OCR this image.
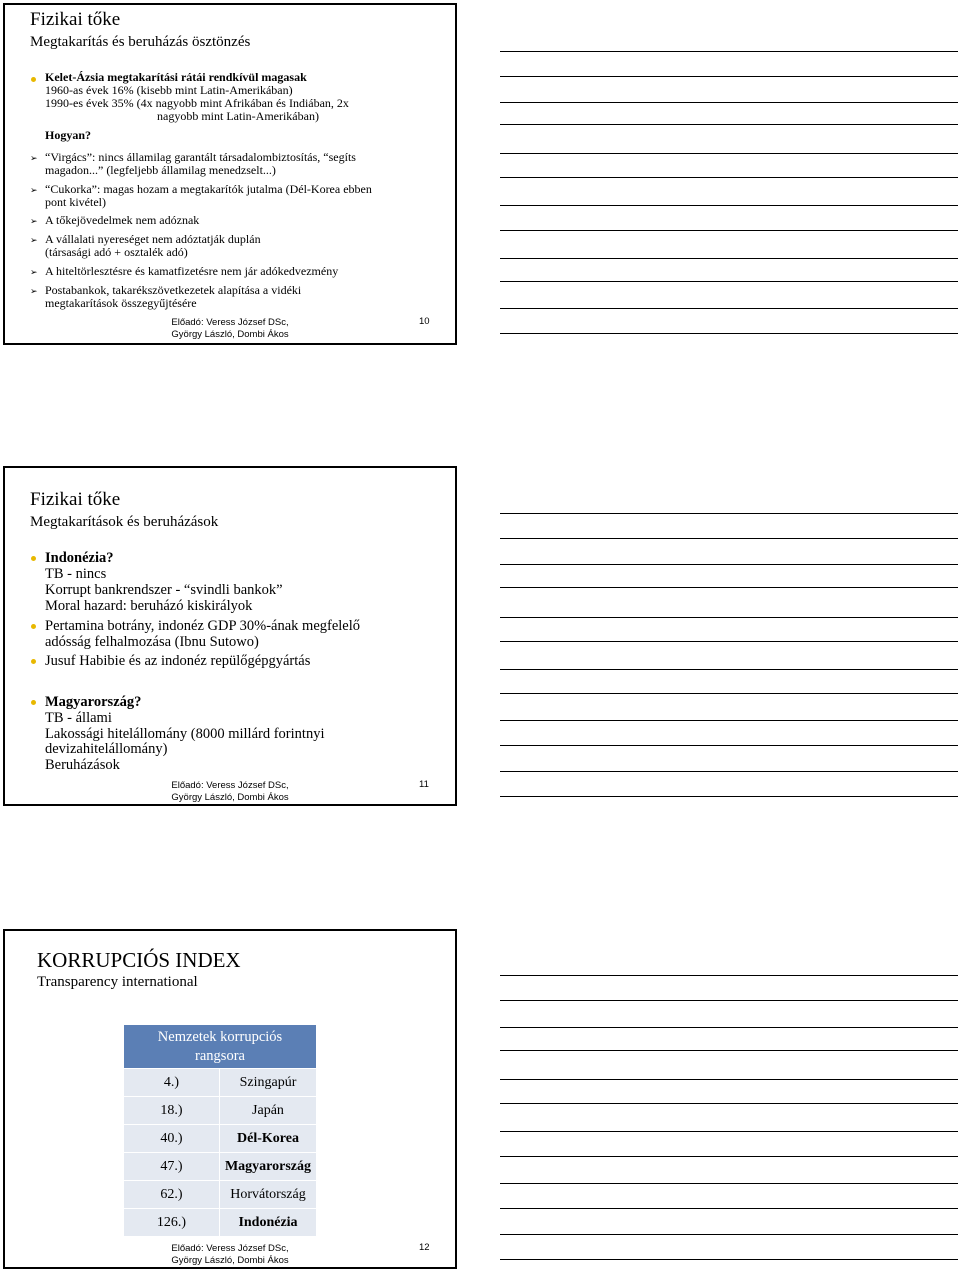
Fizikai tőke
Megtakarítás és beruházás ösztönzés
Kelet-Ázsia megtakarítási rátái rendkívül magasak
1960-as évek 16% (kisebb mint Latin-Amerikában)
1990-es évek 35% (4x nagyobb mint Afrikában és Indiában, 2x
nagyobb mint Latin-Amerikában)
Hogyan?
➢ “Virgács”: nincs államilag garantált társadalombiztosítás, “segíts
magadon...” (legfeljebb államilag menedzselt...)
➢ “Cukorka”: magas hozam a megtakarítók jutalma (Dél-Korea ebben
pont kivétel)
➢ A tőkejövedelmek nem adóznak
➢ A vállalati nyereséget nem adóztatják duplán
(társasági adó + osztalék adó)
➢ A hiteltörlesztésre és kamatfizetésre nem jár adókedvezmény
➢ Postabankok, takarékszövetkezetek alapítása a vidéki
megtakarítások összegyűjtésére
Előadó: Veress József DSc,
György László, Dombi Ákos
10
Fizikai tőke
Megtakarítások és beruházások
Indonézia?
TB - nincs
Korrupt bankrendszer - “svindli bankok”
Moral hazard: beruházó kiskirályok
Pertamina botrány, indonéz GDP 30%-ának megfelelő
adósság felhalmozása (Ibnu Sutowo)
Jusuf Habibie és az indonéz repülőgépgyártás
Magyarország?
TB - állami
Lakossági hitelállomány (8000 millárd forintnyi
devizahitelállomány)
Beruházások
Előadó: Veress József DSc,
György László, Dombi Ákos
11
KORRUPCIÓS INDEX
Transparency international
Nemzetek korrupciós
rangsora	

4.)	Szingapúr
18.)	Japán
40.)	Dél-Korea
47.)	Magyarország
62.)	Horvátország
126.)	Indonézia
Előadó: Veress József DSc,
György László, Dombi Ákos
12
